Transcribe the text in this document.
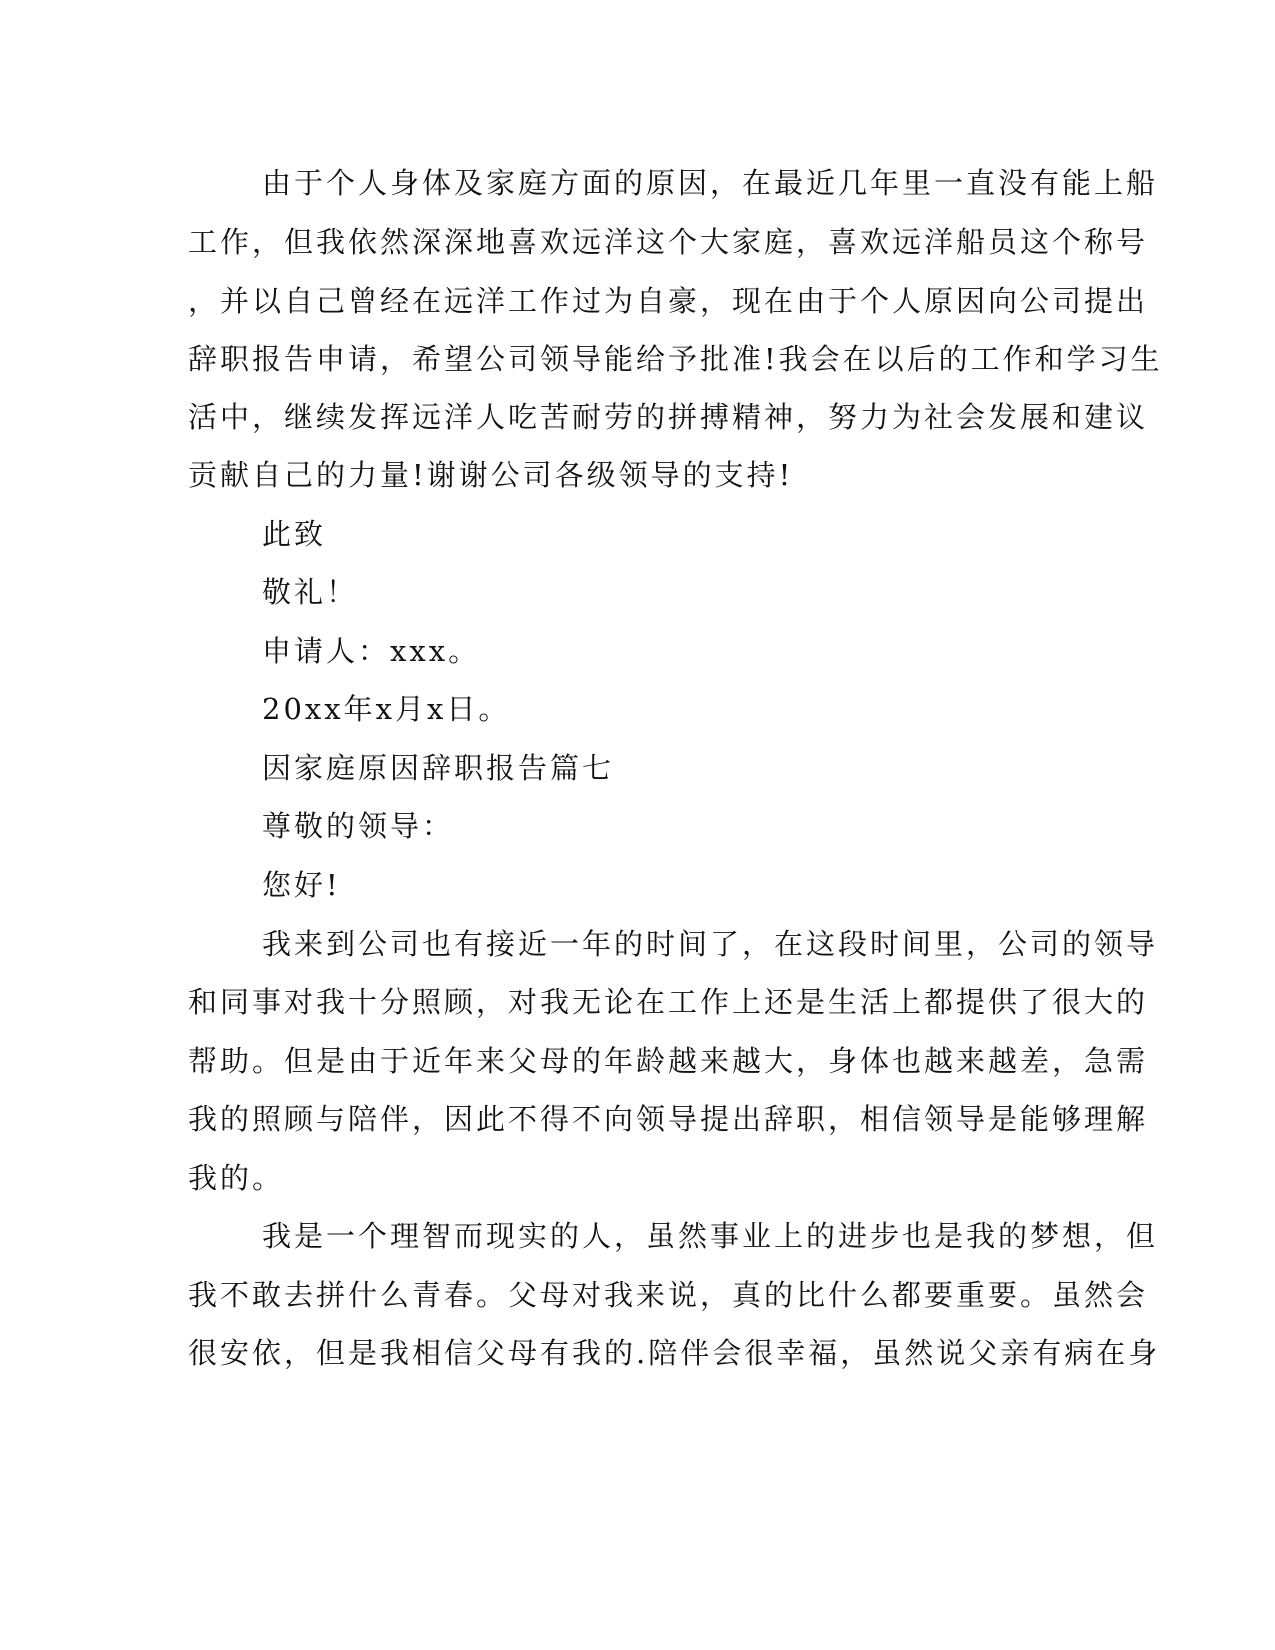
由于个人身体及家庭方面的原因，在最近几年里一直没有能上船
工作，但我依然深深地喜欢远洋这个大家庭，喜欢远洋船员这个称号
，并以自己曾经在远洋工作过为自豪，现在由于个人原因向公司提出
辞职报告申请，希望公司领导能给予批准!我会在以后的工作和学习生
活中，继续发挥远洋人吃苦耐劳的拼搏精神，努力为社会发展和建议
贡献自己的力量!谢谢公司各级领导的支持!
此致
敬礼！
申请人：xxx。
20xx年x月x日。
因家庭原因辞职报告篇七
尊敬的领导：
您好!
我来到公司也有接近一年的时间了，在这段时间里，公司的领导
和同事对我十分照顾，对我无论在工作上还是生活上都提供了很大的
帮助。但是由于近年来父母的年龄越来越大，身体也越来越差，急需
我的照顾与陪伴，因此不得不向领导提出辞职，相信领导是能够理解
我的。
我是一个理智而现实的人，虽然事业上的进步也是我的梦想，但
我不敢去拼什么青春。父母对我来说，真的比什么都要重要。虽然会
很安依，但是我相信父母有我的.陪伴会很幸福，虽然说父亲有病在身
